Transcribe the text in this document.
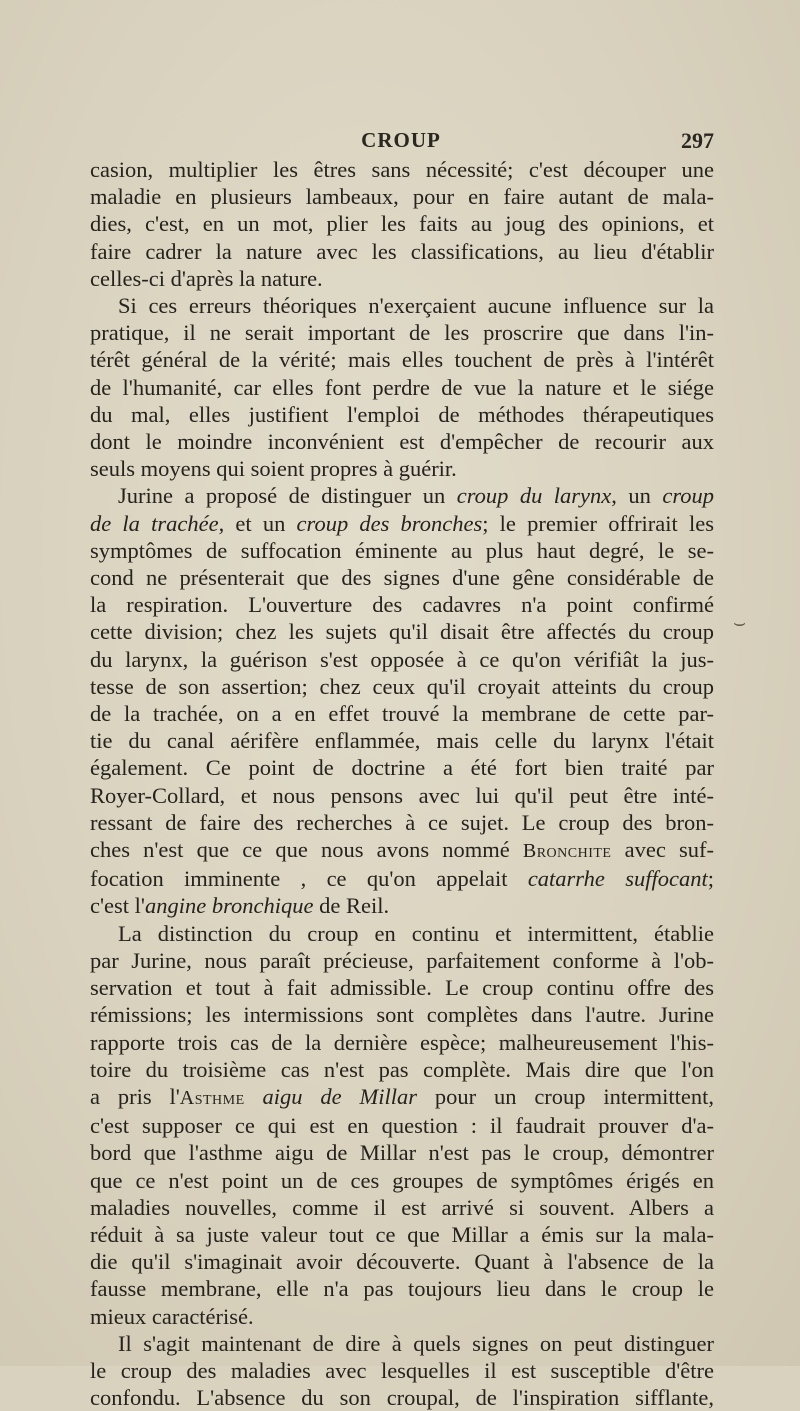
CROUP	297
casion, multiplier les êtres sans nécessité; c'est découper une
maladie en plusieurs lambeaux, pour en faire autant de mala-
dies, c'est, en un mot, plier les faits au joug des opinions, et
faire cadrer la nature avec les classifications, au lieu d'établir
celles-ci d'après la nature.
Si ces erreurs théoriques n'exerçaient aucune influence sur la
pratique, il ne serait important de les proscrire que dans l'in-
térêt général de la vérité; mais elles touchent de près à l'intérêt
de l'humanité, car elles font perdre de vue la nature et le siége
du mal, elles justifient l'emploi de méthodes thérapeutiques
dont le moindre inconvénient est d'empêcher de recourir aux
seuls moyens qui soient propres à guérir.
Jurine a proposé de distinguer un croup du larynx, un croup
de la trachée, et un croup des bronches; le premier offrirait les
symptômes de suffocation éminente au plus haut degré, le se-
cond ne présenterait que des signes d'une gêne considérable de
la respiration. L'ouverture des cadavres n'a point confirmé
cette division; chez les sujets qu'il disait être affectés du croup
du larynx, la guérison s'est opposée à ce qu'on vérifiât la jus-
tesse de son assertion; chez ceux qu'il croyait atteints du croup
de la trachée, on a en effet trouvé la membrane de cette par-
tie du canal aérifère enflammée, mais celle du larynx l'était
également. Ce point de doctrine a été fort bien traité par
Royer-Collard, et nous pensons avec lui qu'il peut être inté-
ressant de faire des recherches à ce sujet. Le croup des bron-
ches n'est que ce que nous avons nommé Bronchite avec suf-
focation imminente , ce qu'on appelait catarrhe suffocant;
c'est l'angine bronchique de Reil.
La distinction du croup en continu et intermittent, établie
par Jurine, nous paraît précieuse, parfaitement conforme à l'ob-
servation et tout à fait admissible. Le croup continu offre des
rémissions; les intermissions sont complètes dans l'autre. Jurine
rapporte trois cas de la dernière espèce; malheureusement l'his-
toire du troisième cas n'est pas complète. Mais dire que l'on
a pris l'Asthme aigu de Millar pour un croup intermittent,
c'est supposer ce qui est en question : il faudrait prouver d'a-
bord que l'asthme aigu de Millar n'est pas le croup, démontrer
que ce n'est point un de ces groupes de symptômes érigés en
maladies nouvelles, comme il est arrivé si souvent. Albers a
réduit à sa juste valeur tout ce que Millar a émis sur la mala-
die qu'il s'imaginait avoir découverte. Quant à l'absence de la
fausse membrane, elle n'a pas toujours lieu dans le croup le
mieux caractérisé.
Il s'agit maintenant de dire à quels signes on peut distinguer
le croup des maladies avec lesquelles il est susceptible d'être
confondu. L'absence du son croupal, de l'inspiration sifflante,
⌣
